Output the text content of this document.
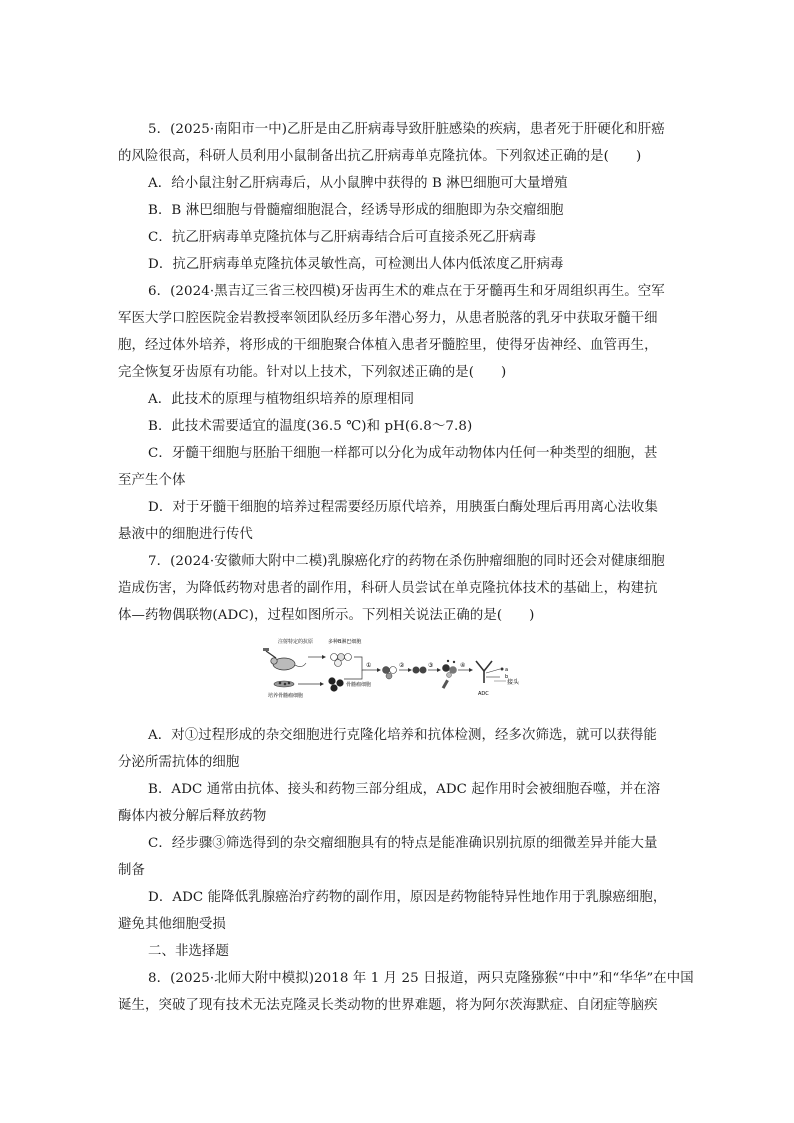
5．(2025·南阳市一中)乙肝是由乙肝病毒导致肝脏感染的疾病，患者死于肝硬化和肝癌
的风险很高，科研人员利用小鼠制备出抗乙肝病毒单克隆抗体。下列叙述正确的是(　　)
A．给小鼠注射乙肝病毒后，从小鼠脾中获得的 B 淋巴细胞可大量增殖
B．B 淋巴细胞与骨髓瘤细胞混合，经诱导形成的细胞即为杂交瘤细胞
C．抗乙肝病毒单克隆抗体与乙肝病毒结合后可直接杀死乙肝病毒
D．抗乙肝病毒单克隆抗体灵敏性高，可检测出人体内低浓度乙肝病毒
6．(2024·黑吉辽三省三校四模)牙齿再生术的难点在于牙髓再生和牙周组织再生。空军
军医大学口腔医院金岩教授率领团队经历多年潜心努力，从患者脱落的乳牙中获取牙髓干细
胞，经过体外培养，将形成的干细胞聚合体植入患者牙髓腔里，使得牙齿神经、血管再生，
完全恢复牙齿原有功能。针对以上技术，下列叙述正确的是(　　)
A．此技术的原理与植物组织培养的原理相同
B．此技术需要适宜的温度(36.5 ℃)和 pH(6.8～7.8)
C．牙髓干细胞与胚胎干细胞一样都可以分化为成年动物体内任何一种类型的细胞，甚
至产生个体
D．对于牙髓干细胞的培养过程需要经历原代培养，用胰蛋白酶处理后再用离心法收集
悬液中的细胞进行传代
7．(2024·安徽师大附中二模)乳腺癌化疗的药物在杀伤肿瘤细胞的同时还会对健康细胞
造成伤害，为降低药物对患者的副作用，科研人员尝试在单克隆抗体技术的基础上，构建抗
体—药物偶联物(ADC)，过程如图所示。下列相关说法正确的是(　　)
注射特定的抗原	多种B淋巴细胞
培养骨髓瘤细胞
骨髓瘤细胞
①	②	③	④
a
b
接头
ADC
A．对①过程形成的杂交细胞进行克隆化培养和抗体检测，经多次筛选，就可以获得能
分泌所需抗体的细胞
B．ADC 通常由抗体、接头和药物三部分组成，ADC 起作用时会被细胞吞噬，并在溶
酶体内被分解后释放药物
C．经步骤③筛选得到的杂交瘤细胞具有的特点是能准确识别抗原的细微差异并能大量
制备
D．ADC 能降低乳腺癌治疗药物的副作用，原因是药物能特异性地作用于乳腺癌细胞，
避免其他细胞受损
二、非选择题
8．(2025·北师大附中模拟)2018 年 1 月 25 日报道，两只克隆猕猴“中中”和“华华”在中国
诞生，突破了现有技术无法克隆灵长类动物的世界难题，将为阿尔茨海默症、自闭症等脑疾
